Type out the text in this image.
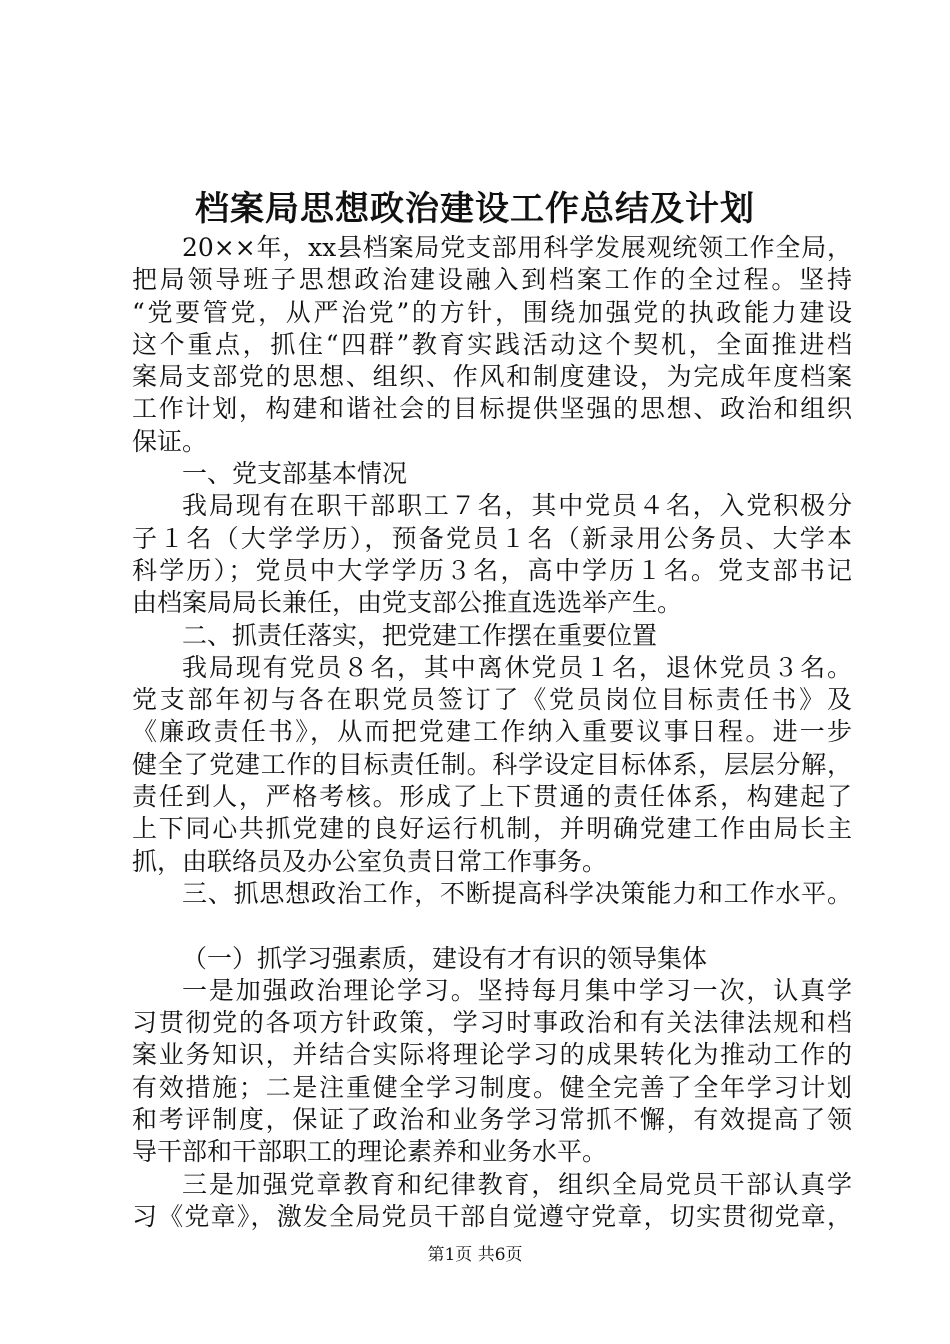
档案局思想政治建设工作总结及计划
20××年，xx县档案局党支部用科学发展观统领工作全局，
把局领导班子思想政治建设融入到档案工作的全过程。坚持
“党要管党，从严治党”的方针，围绕加强党的执政能力建设
这个重点，抓住“四群”教育实践活动这个契机，全面推进档
案局支部党的思想、组织、作风和制度建设，为完成年度档案
工作计划，构建和谐社会的目标提供坚强的思想、政治和组织
保证。
一、党支部基本情况
我局现有在职干部职工７名，其中党员４名，入党积极分
子１名（大学学历），预备党员１名（新录用公务员、大学本
科学历）；党员中大学学历３名，高中学历１名。党支部书记
由档案局局长兼任，由党支部公推直选选举产生。
二、抓责任落实，把党建工作摆在重要位置
我局现有党员８名，其中离休党员１名，退休党员３名。
党支部年初与各在职党员签订了《党员岗位目标责任书》及
《廉政责任书》，从而把党建工作纳入重要议事日程。进一步
健全了党建工作的目标责任制。科学设定目标体系，层层分解，
责任到人，严格考核。形成了上下贯通的责任体系，构建起了
上下同心共抓党建的良好运行机制，并明确党建工作由局长主
抓，由联络员及办公室负责日常工作事务。
三、抓思想政治工作，不断提高科学决策能力和工作水平。
（一）抓学习强素质，建设有才有识的领导集体
一是加强政治理论学习。坚持每月集中学习一次，认真学
习贯彻党的各项方针政策，学习时事政治和有关法律法规和档
案业务知识，并结合实际将理论学习的成果转化为推动工作的
有效措施；二是注重健全学习制度。健全完善了全年学习计划
和考评制度，保证了政治和业务学习常抓不懈，有效提高了领
导干部和干部职工的理论素养和业务水平。
三是加强党章教育和纪律教育，组织全局党员干部认真学
习《党章》，激发全局党员干部自觉遵守党章，切实贯彻党章，
第1页 共6页
